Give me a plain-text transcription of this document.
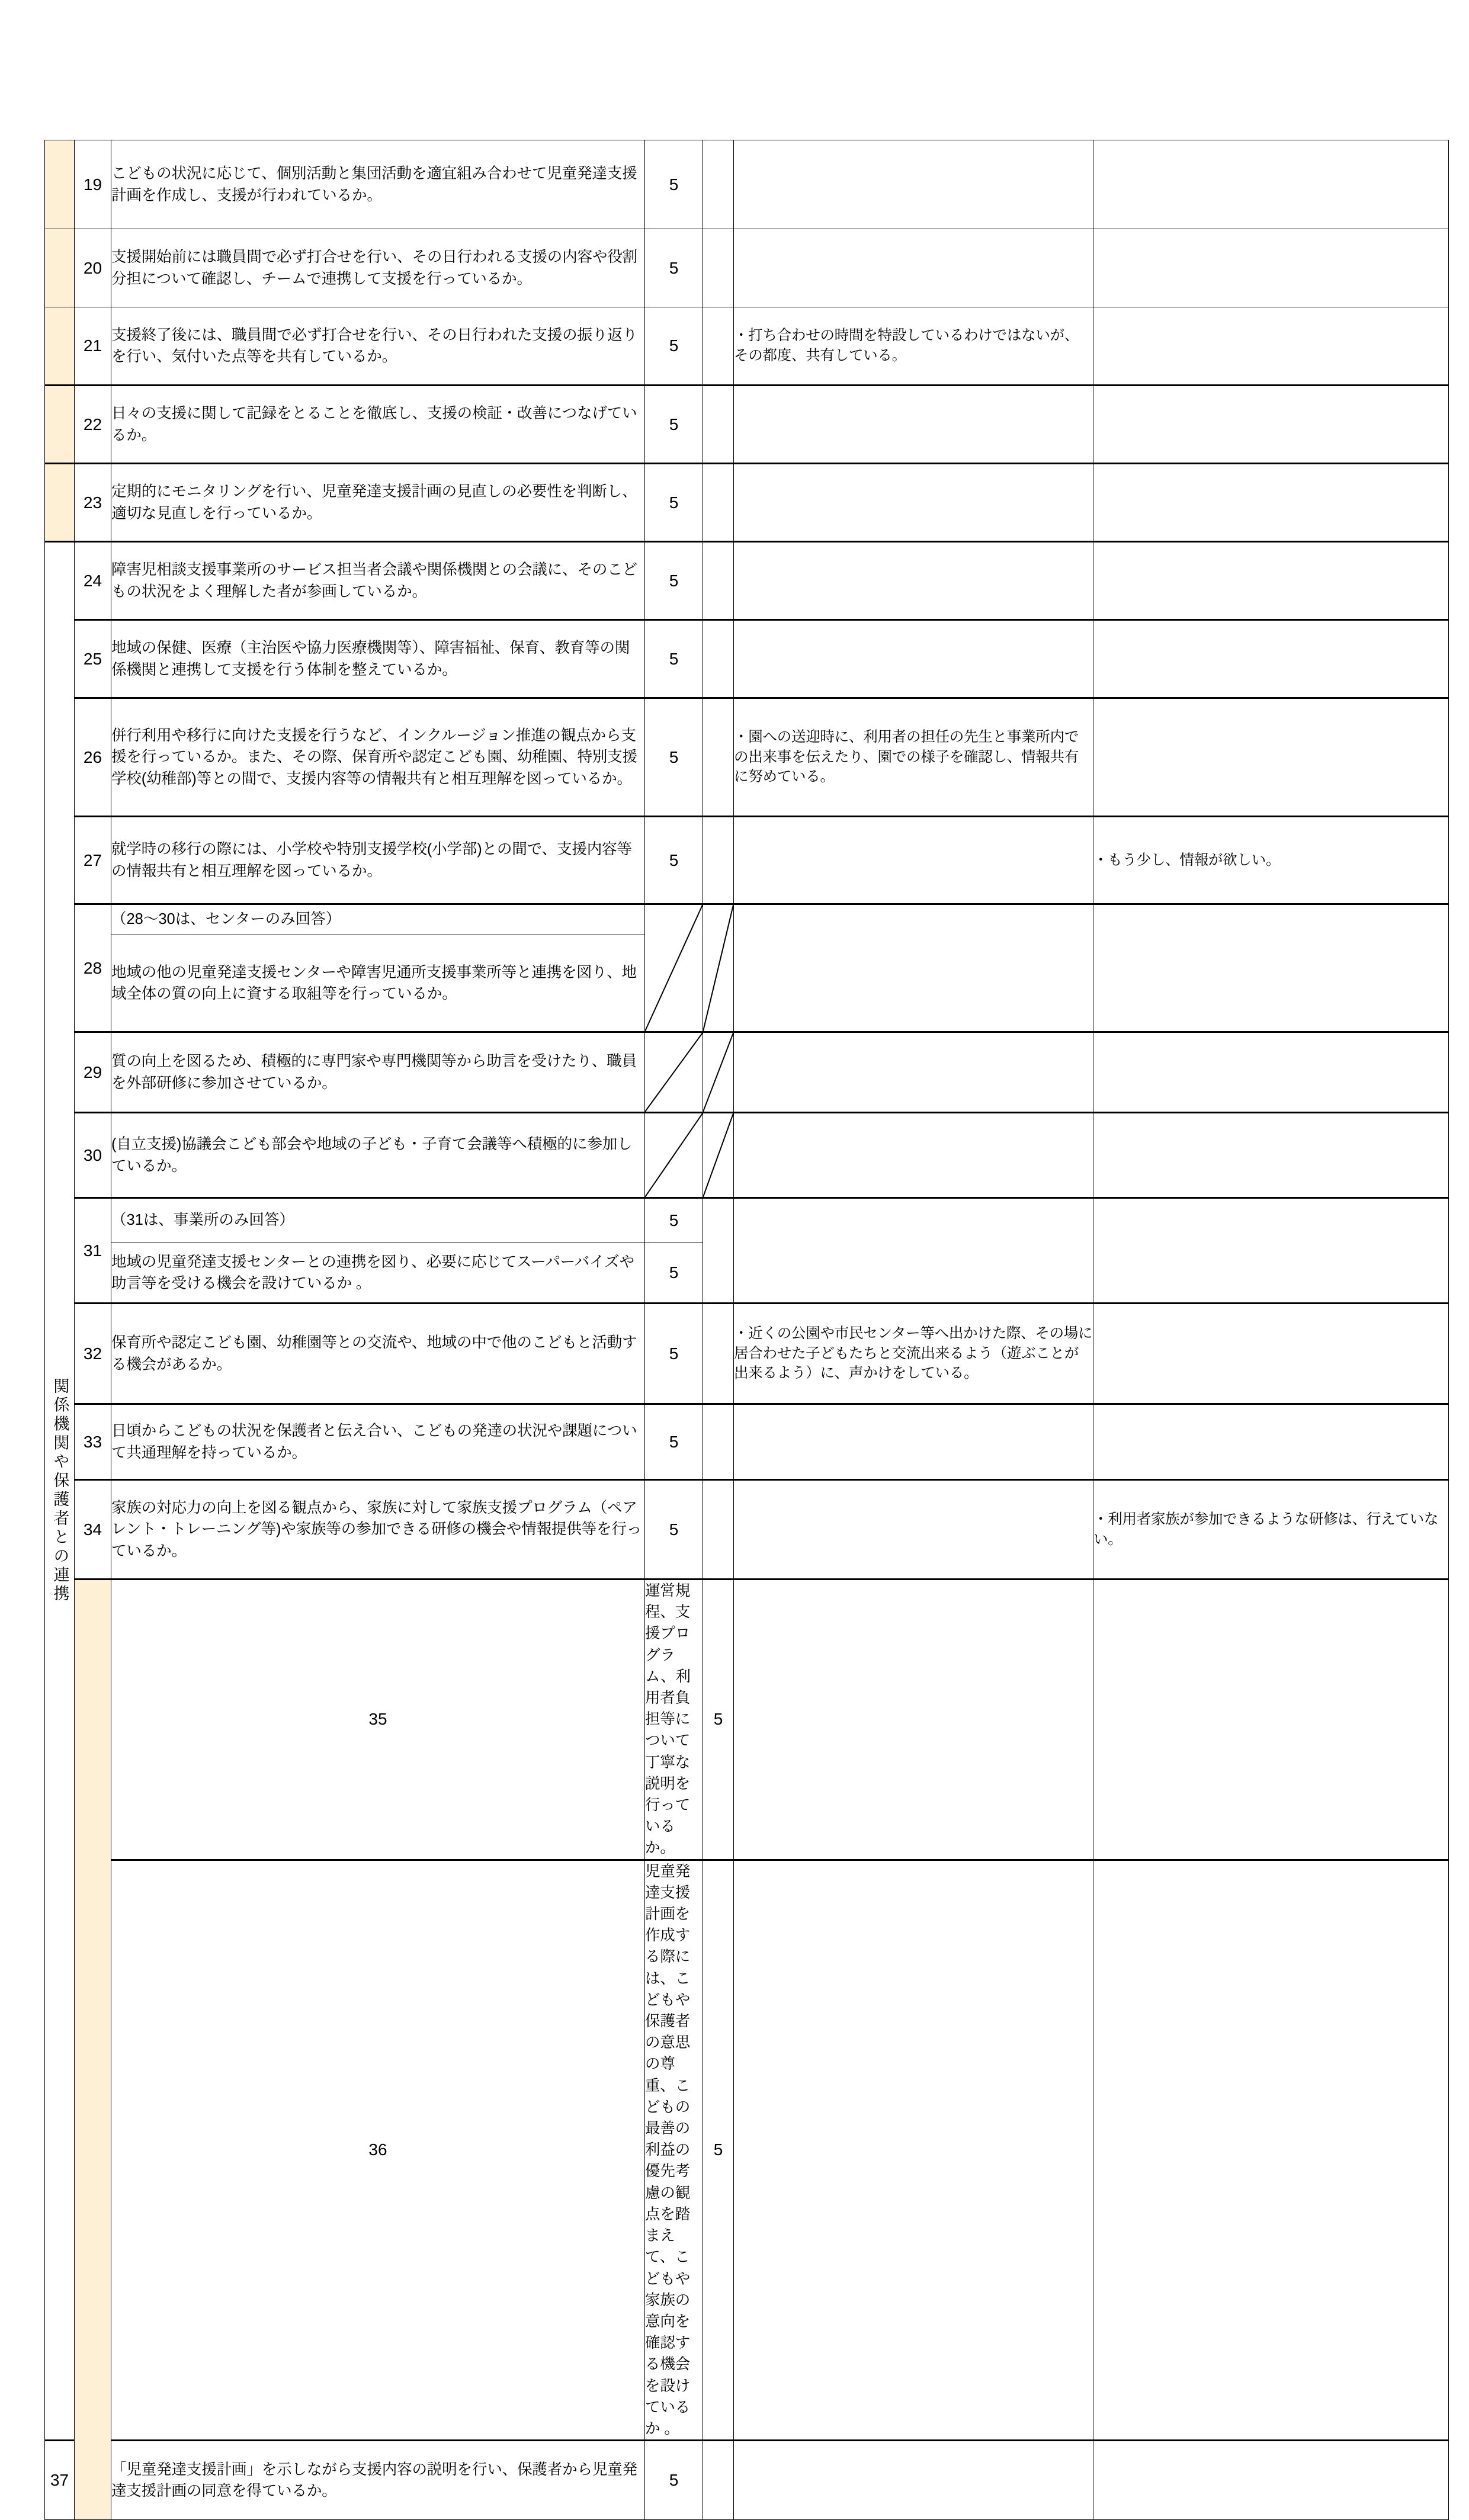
	19	こどもの状況に応じて、個別活動と集団活動を適宜組み合わせて児童発達支援計画を作成し、支援が行われているか。	5				
	20	支援開始前には職員間で必ず打合せを行い、その日行われる支援の内容や役割分担について確認し、チームで連携して支援を行っているか。	5				
	21	支援終了後には、職員間で必ず打合せを行い、その日行われた支援の振り返りを行い、気付いた点等を共有しているか。	5		・打ち合わせの時間を特設しているわけではないが、その都度、共有している。		
	22	日々の支援に関して記録をとることを徹底し、支援の検証・改善につなげているか。	5				
	23	定期的にモニタリングを行い、児童発達支援計画の見直しの必要性を判断し、適切な見直しを行っているか。	5				

関係機関や保護者との連携	24	障害児相談支援事業所のサービス担当者会議や関係機関との会議に、そのこどもの状況をよく理解した者が参画しているか。	5				
	25	地域の保健、医療（主治医や協力医療機関等）、障害福祉、保育、教育等の関係機関と連携して支援を行う体制を整えているか。	5				
	26	併行利用や移行に向けた支援を行うなど、インクルージョン推進の観点から支援を行っているか。また、その際、保育所や認定こども園、幼稚園、特別支援学校(幼稚部)等との間で、支援内容等の情報共有と相互理解を図っているか。	5		・園への送迎時に、利用者の担任の先生と事業所内での出来事を伝えたり、園での様子を確認し、情報共有に努めている。		
	27	就学時の移行の際には、小学校や特別支援学校(小学部)との間で、支援内容等の情報共有と相互理解を図っているか。	5			・もう少し、情報が欲しい。	
	28	（28〜30は、センターのみ回答）	

		地域の他の児童発達支援センターや障害児通所支援事業所等と連携を図り、地域全体の質の向上に資する取組等を行っているか。					
	29	質の向上を図るため、積極的に専門家や専門機関等から助言を受けたり、職員を外部研修に参加させているか。	

	30	(自立支援)協議会こども部会や地域の子ども・子育て会議等へ積極的に参加しているか。	

	31	（31は、事業所のみ回答）	5				
		地域の児童発達支援センターとの連携を図り、必要に応じてスーパーバイズや助言等を受ける機会を設けているか 。	5				
	32	保育所や認定こども園、幼稚園等との交流や、地域の中で他のこどもと活動する機会があるか。	5		・近くの公園や市民センター等へ出かけた際、その場に居合わせた子どもたちと交流出来るよう（遊ぶことが出来るよう）に、声かけをしている。		
	33	日頃からこどもの状況を保護者と伝え合い、こどもの発達の状況や課題について共通理解を持っているか。	5				
	34	家族の対応力の向上を図る観点から、家族に対して家族支援プログラム（ペアレント・トレーニング等)や家族等の参加できる研修の機会や情報提供等を行っているか。	5			・利用者家族が参加できるような研修は、行えていない。	
		35	運営規程、支援プログラム、利用者負担等について丁寧な説明を行っているか。	5			
		36	児童発達支援計画を作成する際には、こどもや保護者の意思の尊重、こどもの最善の利益の優先考慮の観点を踏まえて、こどもや家族の意向を確認する機会を設けているか 。	5			
37		「児童発達支援計画」を示しながら支援内容の説明を行い、保護者から児童発達支援計画の同意を得ているか。	5				
